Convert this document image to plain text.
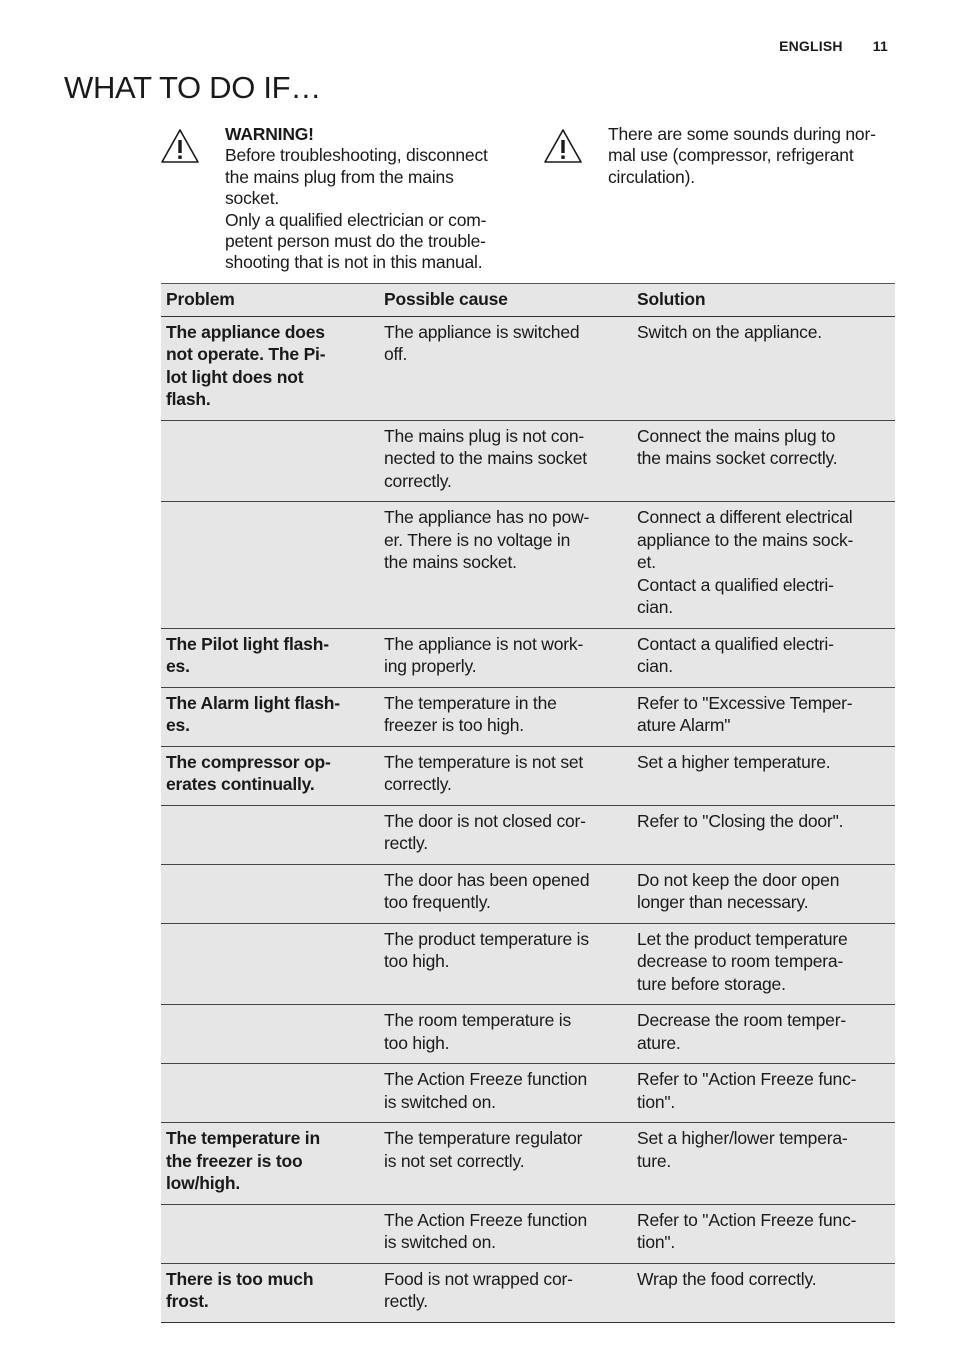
ENGLISH 11
WHAT TO DO IF…
WARNING!
Before troubleshooting, disconnect
the mains plug from the mains
socket.
Only a qualified electrician or com-
petent person must do the trouble-
shooting that is not in this manual.
There are some sounds during nor-
mal use (compressor, refrigerant
circulation).
Problem	Possible cause	Solution
The appliance does
not operate. The Pi-
lot light does not
flash.	The appliance is switched
off.	Switch on the appliance.
	The mains plug is not con-
nected to the mains socket
correctly.	Connect the mains plug to
the mains socket correctly.
	The appliance has no pow-
er. There is no voltage in
the mains socket.	Connect a different electrical
appliance to the mains sock-
et.
Contact a qualified electri-
cian.
The Pilot light flash-
es.	The appliance is not work-
ing properly.	Contact a qualified electri-
cian.
The Alarm light flash-
es.	The temperature in the
freezer is too high.	Refer to "Excessive Temper-
ature Alarm"
The compressor op-
erates continually.	The temperature is not set
correctly.	Set a higher temperature.
	The door is not closed cor-
rectly.	Refer to "Closing the door".
	The door has been opened
too frequently.	Do not keep the door open
longer than necessary.
	The product temperature is
too high.	Let the product temperature
decrease to room tempera-
ture before storage.
	The room temperature is
too high.	Decrease the room temper-
ature.
	The Action Freeze function
is switched on.	Refer to "Action Freeze func-
tion".
The temperature in
the freezer is too
low/high.	The temperature regulator
is not set correctly.	Set a higher/lower tempera-
ture.
	The Action Freeze function
is switched on.	Refer to "Action Freeze func-
tion".
There is too much
frost.	Food is not wrapped cor-
rectly.	Wrap the food correctly.
